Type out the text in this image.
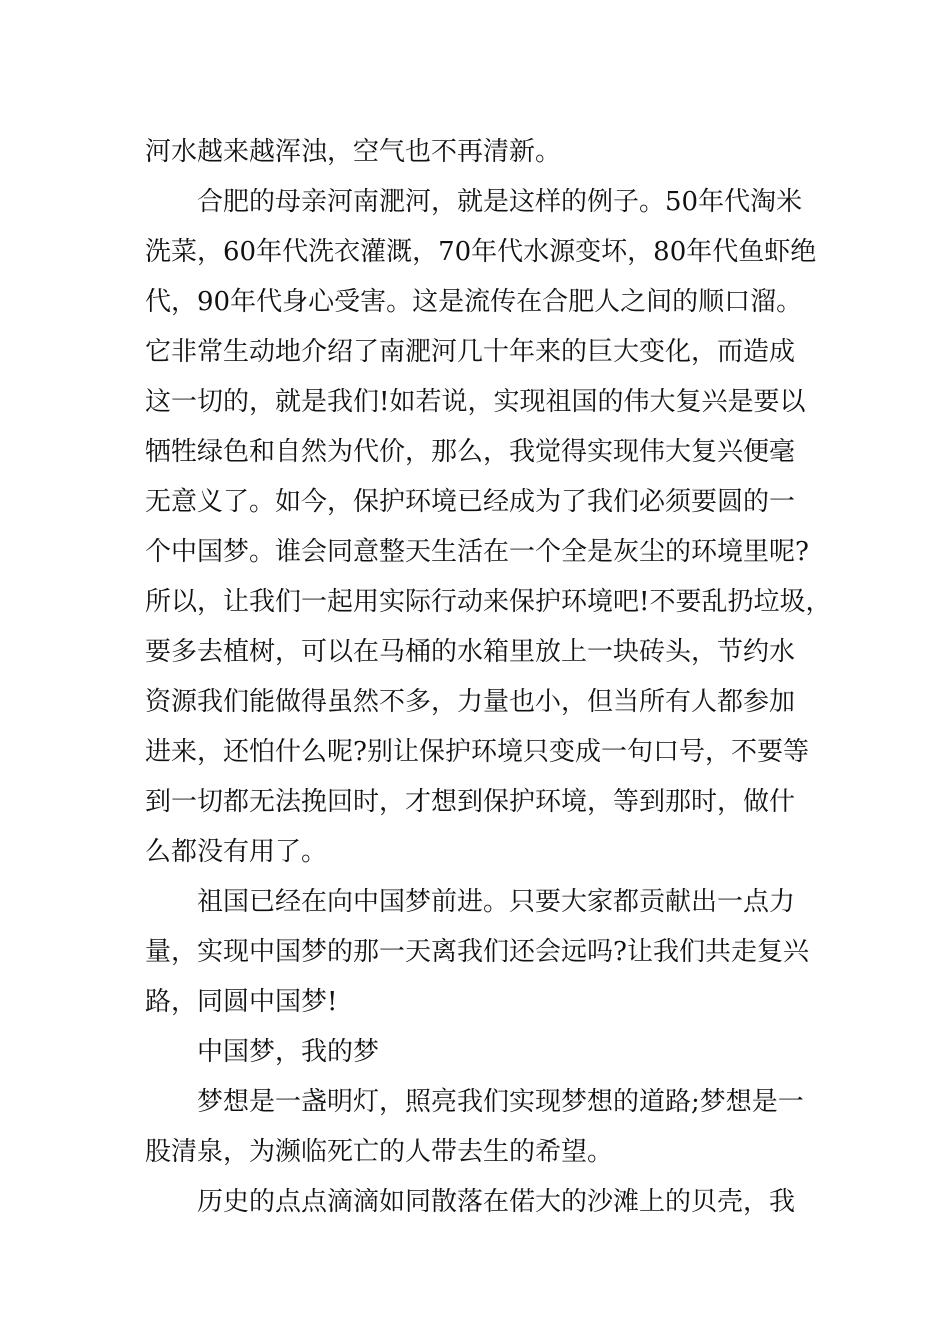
河水越来越浑浊，空气也不再清新。
合肥的母亲河南淝河，就是这样的例子。50年代淘米
洗菜，60年代洗衣灌溉，70年代水源变坏，80年代鱼虾绝
代，90年代身心受害。这是流传在合肥人之间的顺口溜。
它非常生动地介绍了南淝河几十年来的巨大变化，而造成
这一切的，就是我们!如若说，实现祖国的伟大复兴是要以
牺牲绿色和自然为代价，那么，我觉得实现伟大复兴便毫
无意义了。如今，保护环境已经成为了我们必须要圆的一
个中国梦。谁会同意整天生活在一个全是灰尘的环境里呢?
所以，让我们一起用实际行动来保护环境吧!不要乱扔垃圾，
要多去植树，可以在马桶的水箱里放上一块砖头，节约水
资源我们能做得虽然不多，力量也小，但当所有人都参加
进来，还怕什么呢?别让保护环境只变成一句口号，不要等
到一切都无法挽回时，才想到保护环境，等到那时，做什
么都没有用了。
祖国已经在向中国梦前进。只要大家都贡献出一点力
量，实现中国梦的那一天离我们还会远吗?让我们共走复兴
路，同圆中国梦!
中国梦，我的梦
梦想是一盏明灯，照亮我们实现梦想的道路;梦想是一
股清泉，为濒临死亡的人带去生的希望。
历史的点点滴滴如同散落在偌大的沙滩上的贝壳，我
